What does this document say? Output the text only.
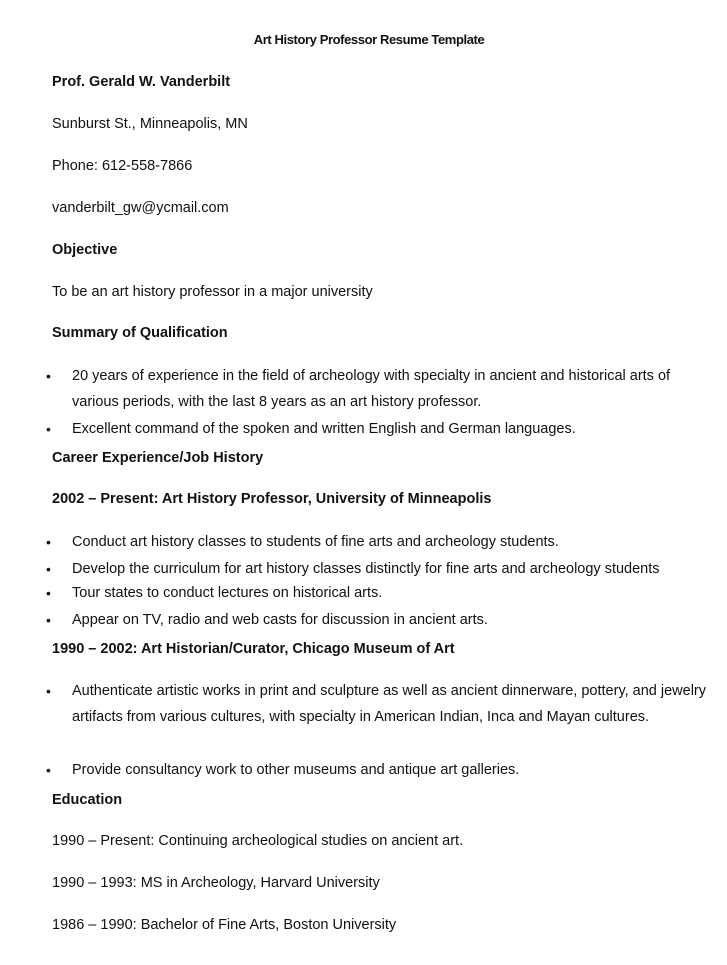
Art History Professor Resume Template
Prof. Gerald W. Vanderbilt
Sunburst St., Minneapolis, MN
Phone: 612-558-7866
vanderbilt_gw@ycmail.com
Objective
To be an art history professor in a major university
Summary of Qualification
• 20 years of experience in the field of archeology with specialty in ancient and historical arts of various periods, with the last 8 years as an art history professor.
• Excellent command of the spoken and written English and German languages.
Career Experience/Job History
2002 – Present: Art History Professor, University of Minneapolis
• Conduct art history classes to students of fine arts and archeology students.
• Develop the curriculum for art history classes distinctly for fine arts and archeology students
• Tour states to conduct lectures on historical arts.
• Appear on TV, radio and web casts for discussion in ancient arts.
1990 – 2002: Art Historian/Curator, Chicago Museum of Art
• Authenticate artistic works in print and sculpture as well as ancient dinnerware, pottery, and jewelry artifacts from various cultures, with specialty in American Indian, Inca and Mayan cultures.
• Provide consultancy work to other museums and antique art galleries.
Education
1990 – Present: Continuing archeological studies on ancient art.
1990 – 1993: MS in Archeology, Harvard University
1986 – 1990: Bachelor of Fine Arts, Boston University
